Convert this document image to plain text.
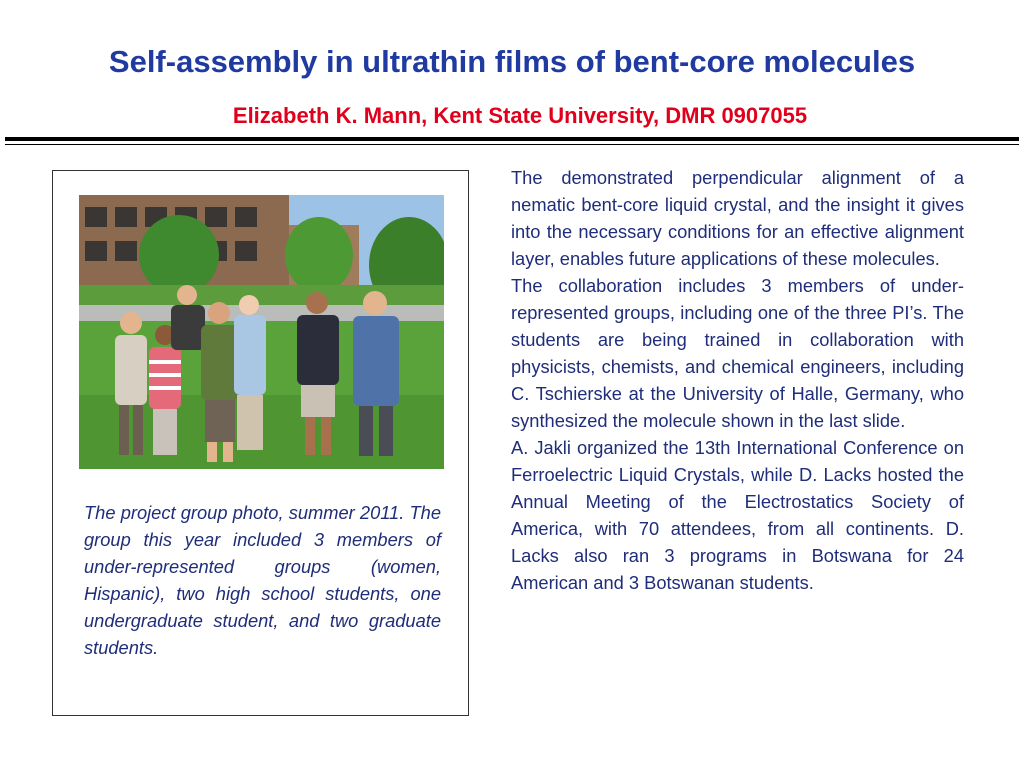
Self-assembly in ultrathin films of bent-core molecules
Elizabeth K. Mann, Kent State University, DMR 0907055
The project group photo, summer 2011. The group this year included 3 members of under-represented groups (women, Hispanic), two high school students, one undergraduate student, and two graduate students.

The demonstrated perpendicular alignment of a nematic bent-core liquid crystal, and the insight it gives into the necessary conditions for an effective alignment layer, enables future applications of these molecules.

The collaboration includes 3 members of under-represented groups, including one of the three PI’s. The students are being trained in collaboration with physicists, chemists, and chemical engineers, including C. Tschierske at the University of Halle, Germany, who synthesized the molecule shown in the last slide.

A. Jakli organized the 13th International Conference on Ferroelectric Liquid Crystals, while D. Lacks hosted the Annual Meeting of the Electrostatics Society of America, with 70 attendees, from all continents. D. Lacks also ran 3 programs in Botswana for 24 American and 3 Botswanan students.
